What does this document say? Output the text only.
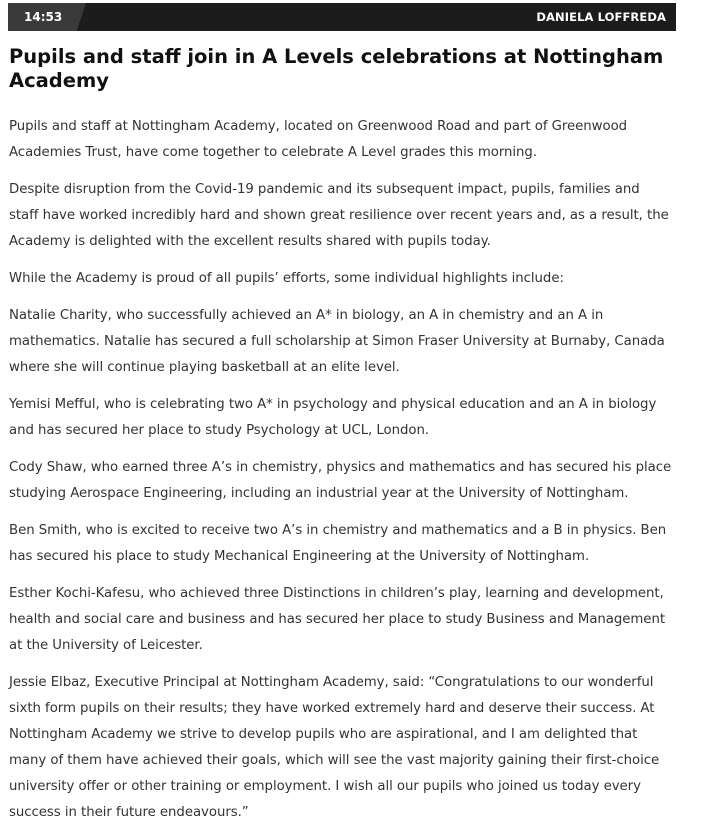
14:53	DANIELA LOFFREDA
Pupils and staff join in A Levels celebrations at Nottingham Academy

Pupils and staff at Nottingham Academy, located on Greenwood Road and part of Greenwood Academies Trust, have come together to celebrate A Level grades this morning.

Despite disruption from the Covid-19 pandemic and its subsequent impact, pupils, families and staff have worked incredibly hard and shown great resilience over recent years and, as a result, the Academy is delighted with the excellent results shared with pupils today.

While the Academy is proud of all pupils’ efforts, some individual highlights include:

Natalie Charity, who successfully achieved an A* in biology, an A in chemistry and an A in mathematics. Natalie has secured a full scholarship at Simon Fraser University at Burnaby, Canada where she will continue playing basketball at an elite level.

Yemisi Mefful, who is celebrating two A* in psychology and physical education and an A in biology and has secured her place to study Psychology at UCL, London.

Cody Shaw, who earned three A’s in chemistry, physics and mathematics and has secured his place studying Aerospace Engineering, including an industrial year at the University of Nottingham.

Ben Smith, who is excited to receive two A’s in chemistry and mathematics and a B in physics. Ben has secured his place to study Mechanical Engineering at the University of Nottingham.

Esther Kochi-Kafesu, who achieved three Distinctions in children’s play, learning and development, health and social care and business and has secured her place to study Business and Management at the University of Leicester.

Jessie Elbaz, Executive Principal at Nottingham Academy, said: “Congratulations to our wonderful sixth form pupils on their results; they have worked extremely hard and deserve their success. At Nottingham Academy we strive to develop pupils who are aspirational, and I am delighted that many of them have achieved their goals, which will see the vast majority gaining their first-choice university offer or other training or employment. I wish all our pupils who joined us today every success in their future endeavours.”
